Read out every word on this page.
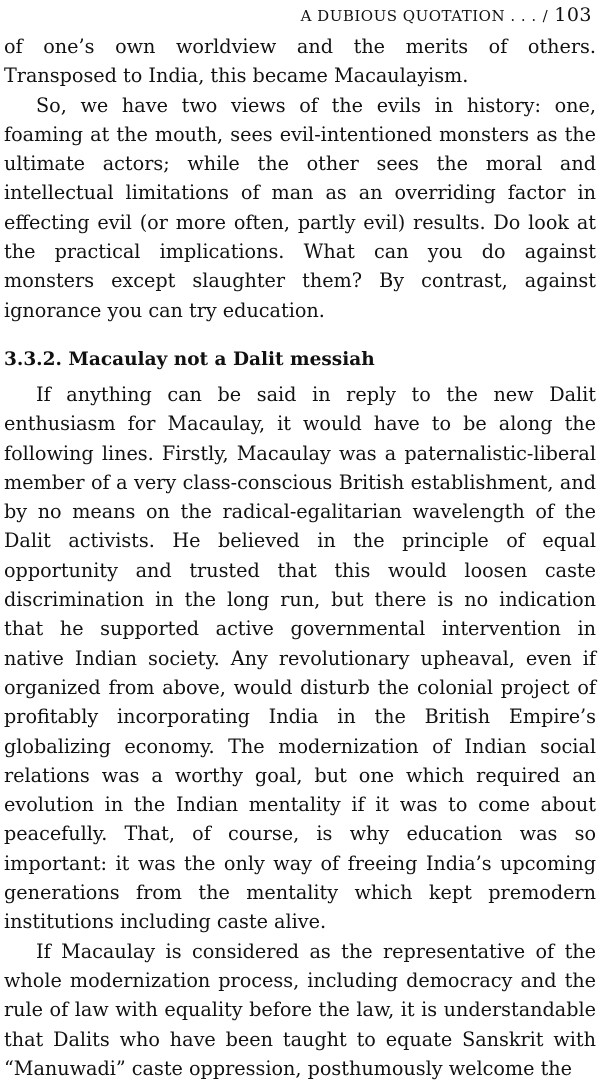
A DUBIOUS QUOTATION . . . / 103

of one’s own worldview and the merits of others. Transposed to India, this became Macaulayism.

So, we have two views of the evils in history: one, foaming at the mouth, sees evil-intentioned monsters as the ultimate actors; while the other sees the moral and intellectual limitations of man as an overriding factor in effecting evil (or more often, partly evil) results. Do look at the practical implications. What can you do against monsters except slaughter them? By contrast, against ignorance you can try education.

3.3.2. Macaulay not a Dalit messiah

If anything can be said in reply to the new Dalit enthusiasm for Macaulay, it would have to be along the following lines. Firstly, Macaulay was a paternalistic-liberal member of a very class-conscious British establishment, and by no means on the radical-egalitarian wavelength of the Dalit activists. He believed in the principle of equal opportunity and trusted that this would loosen caste discrimination in the long run, but there is no indication that he supported active governmental intervention in native Indian society. Any revolutionary upheaval, even if organized from above, would disturb the colonial project of profitably incorporating India in the British Empire’s globalizing economy. The modernization of Indian social relations was a worthy goal, but one which required an evolution in the Indian mentality if it was to come about peacefully. That, of course, is why education was so important: it was the only way of freeing India’s upcoming generations from the mentality which kept premodern institutions including caste alive.

If Macaulay is considered as the representative of the whole modernization process, including democracy and the rule of law with equality before the law, it is understandable that Dalits who have been taught to equate Sanskrit with “Manuwadi” caste oppression, posthumously welcome the
